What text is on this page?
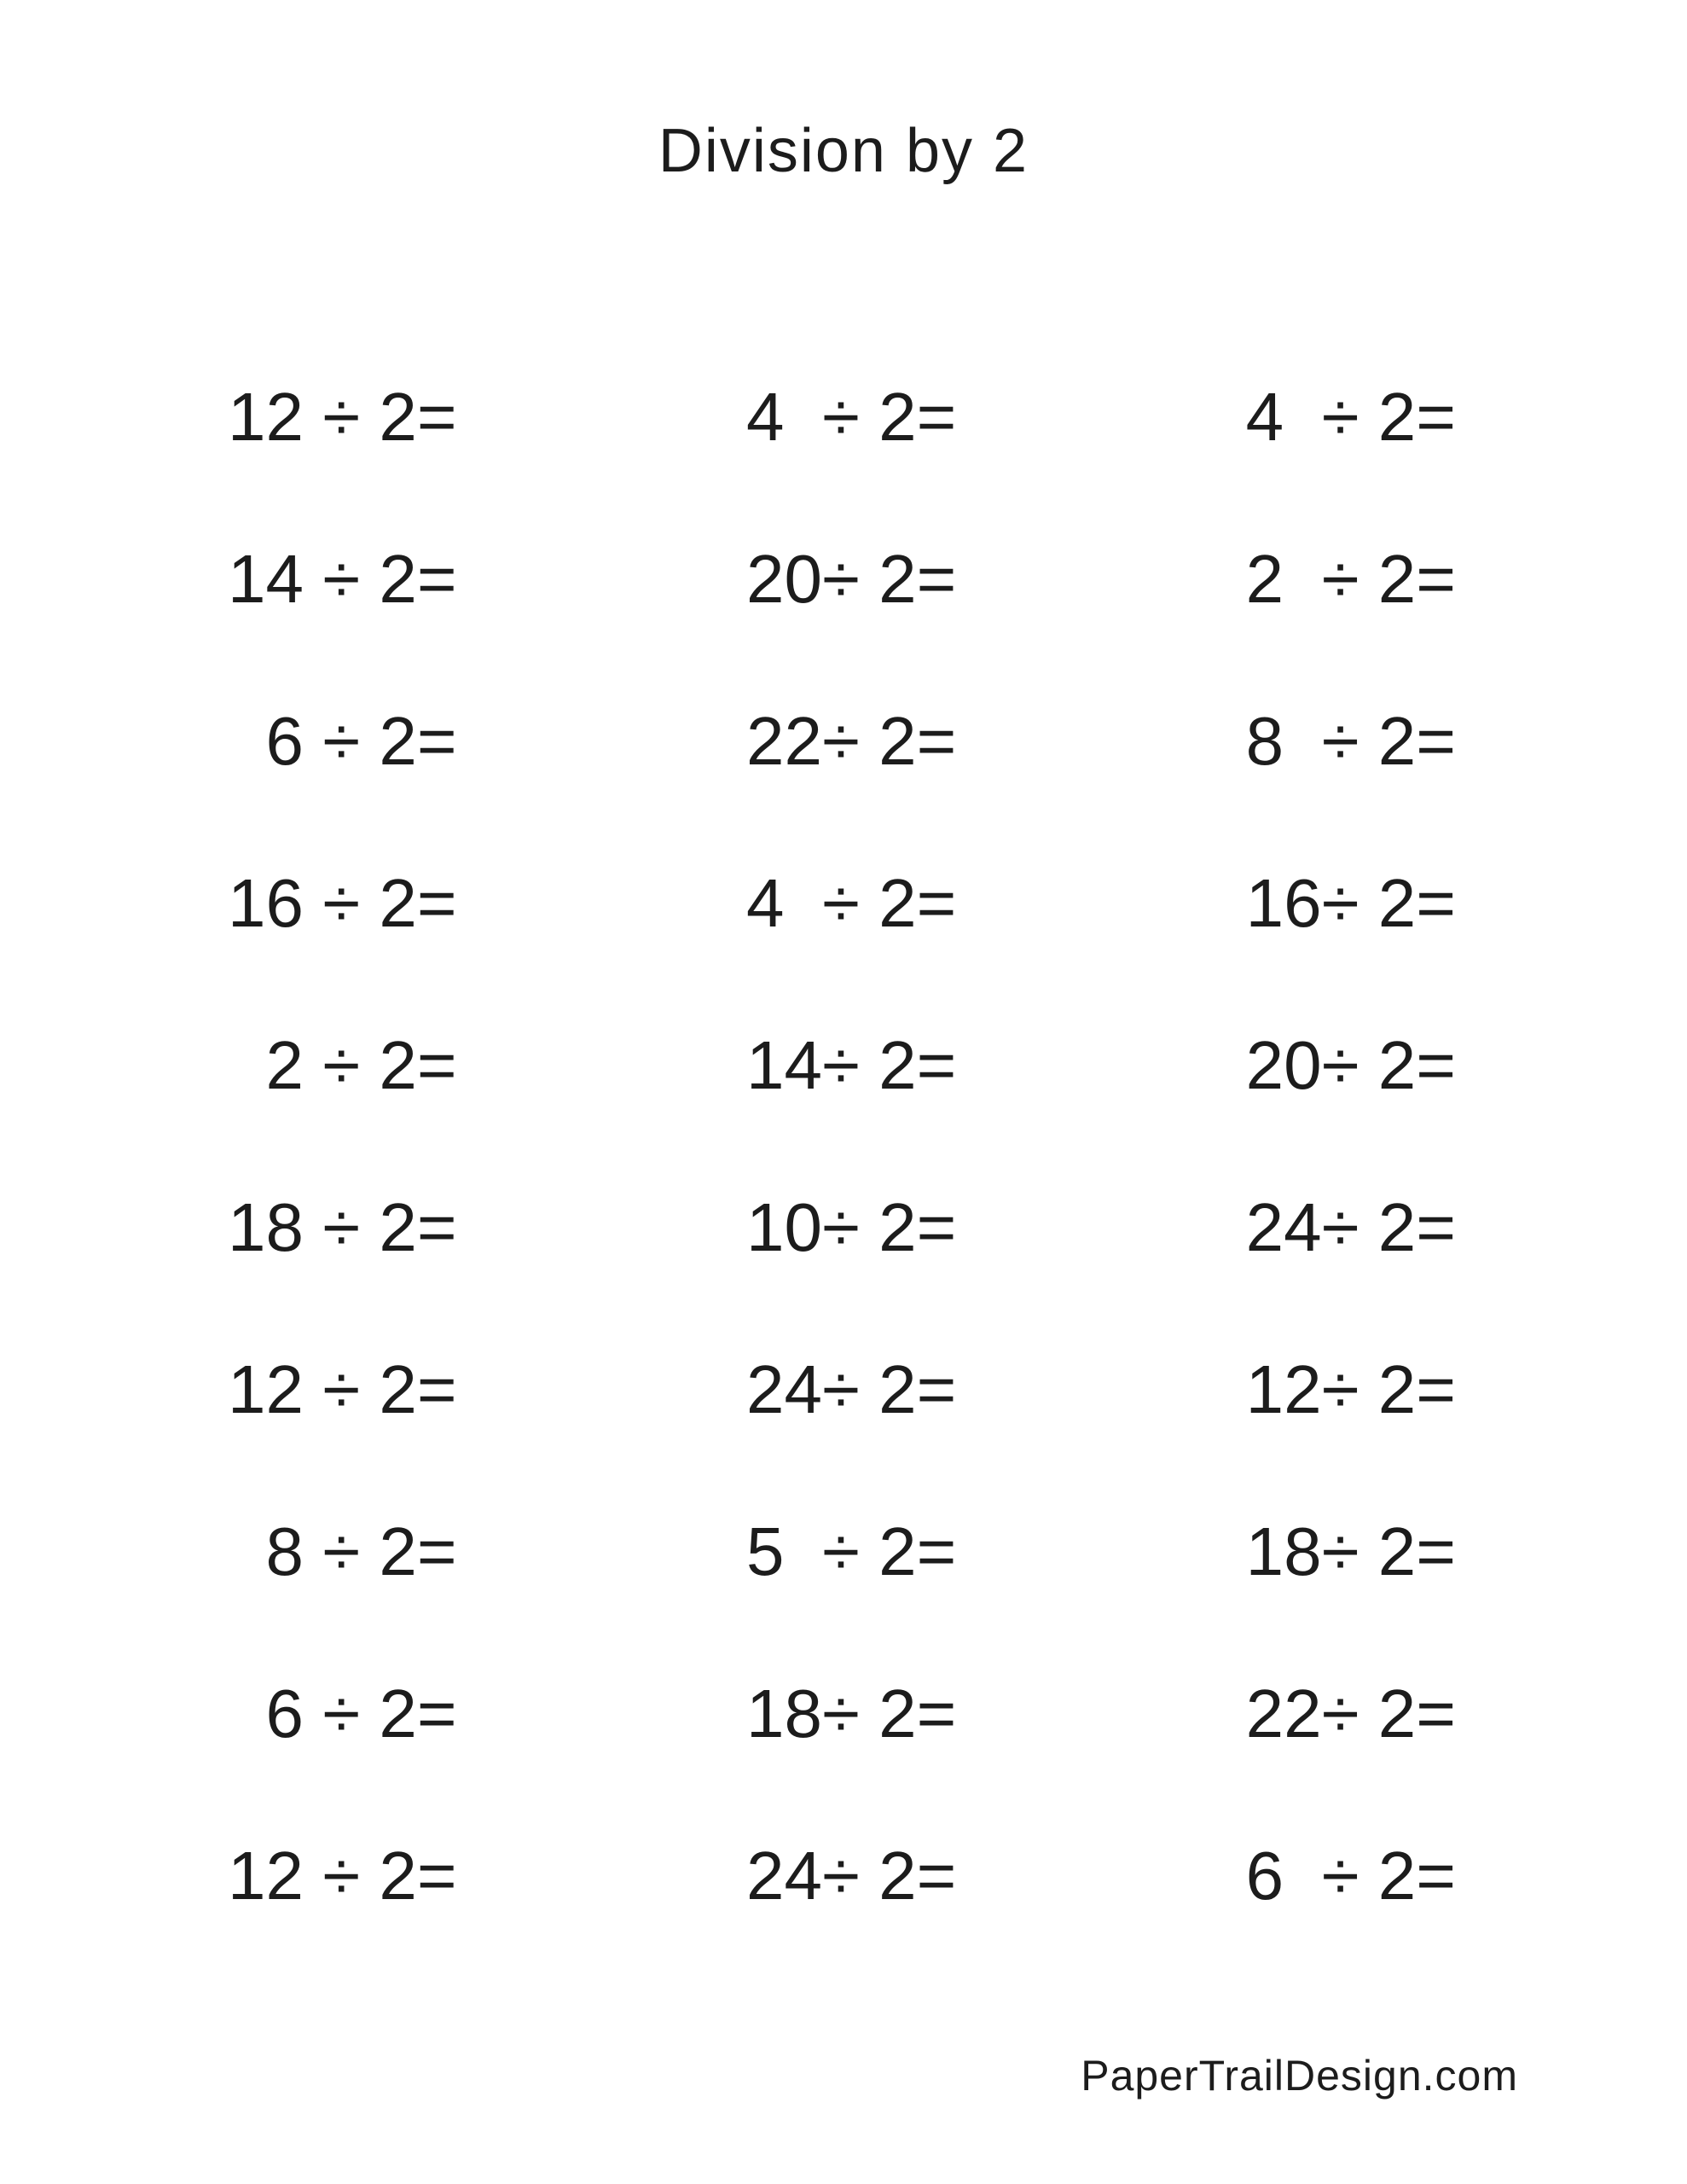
Division by 2
12 ÷ 2=	4 ÷ 2=	4 ÷ 2=
14 ÷ 2=	20÷ 2=	2 ÷ 2=
6 ÷ 2=	22÷ 2=	8 ÷ 2=
16 ÷ 2=	4 ÷ 2=	16÷ 2=
2 ÷ 2=	14÷ 2=	20÷ 2=
18 ÷ 2=	10÷ 2=	24÷ 2=
12 ÷ 2=	24÷ 2=	12÷ 2=
8 ÷ 2=	5 ÷ 2=	18÷ 2=
6 ÷ 2=	18÷ 2=	22÷ 2=
12 ÷ 2=	24÷ 2=	6 ÷ 2=
PaperTrailDesign.com
